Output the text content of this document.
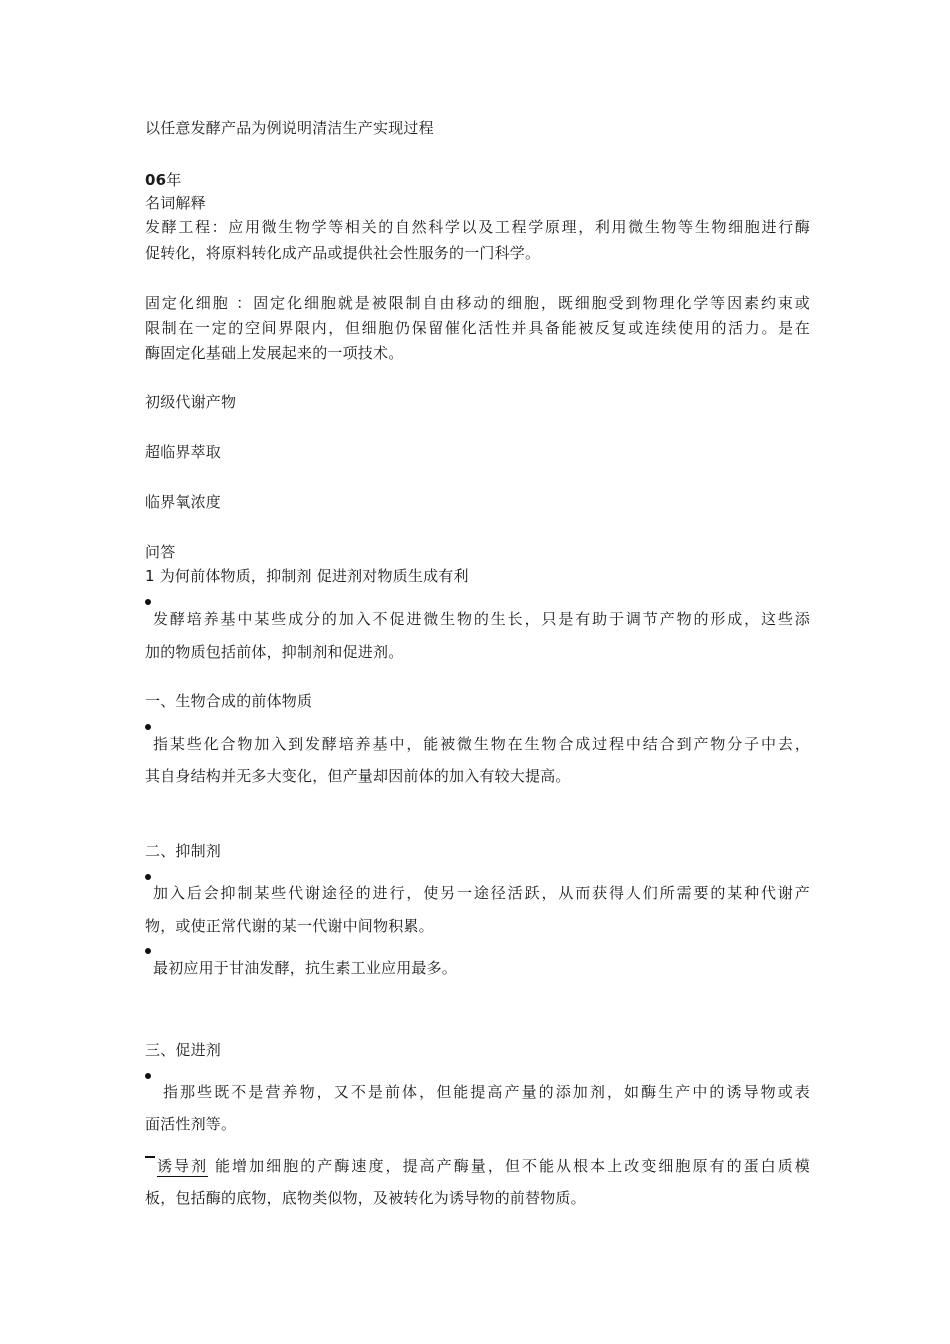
以任意发酵产品为例说明清洁生产实现过程
06年
名词解释
发酵工程：应用微生物学等相关的自然科学以及工程学原理，利用微生物等生物细胞进行酶
促转化，将原料转化成产品或提供社会性服务的一门科学。
固定化细胞 ：固定化细胞就是被限制自由移动的细胞，既细胞受到物理化学等因素约束或
限制在一定的空间界限内，但细胞仍保留催化活性并具备能被反复或连续使用的活力。是在
酶固定化基础上发展起来的一项技术。
初级代谢产物
超临界萃取
临界氧浓度
问答
1 为何前体物质，抑制剂 促进剂对物质生成有利
发酵培养基中某些成分的加入不促进微生物的生长，只是有助于调节产物的形成，这些添
加的物质包括前体，抑制剂和促进剂。
一、生物合成的前体物质
指某些化合物加入到发酵培养基中，能被微生物在生物合成过程中结合到产物分子中去，
其自身结构并无多大变化，但产量却因前体的加入有较大提高。
二、抑制剂
加入后会抑制某些代谢途径的进行，使另一途径活跃，从而获得人们所需要的某种代谢产
物，或使正常代谢的某一代谢中间物积累。
最初应用于甘油发酵，抗生素工业应用最多。
三、促进剂
指那些既不是营养物，又不是前体，但能提高产量的添加剂，如酶生产中的诱导物或表
面活性剂等。
诱导剂 能增加细胞的产酶速度，提高产酶量，但不能从根本上改变细胞原有的蛋白质模
板，包括酶的底物，底物类似物，及被转化为诱导物的前替物质。
